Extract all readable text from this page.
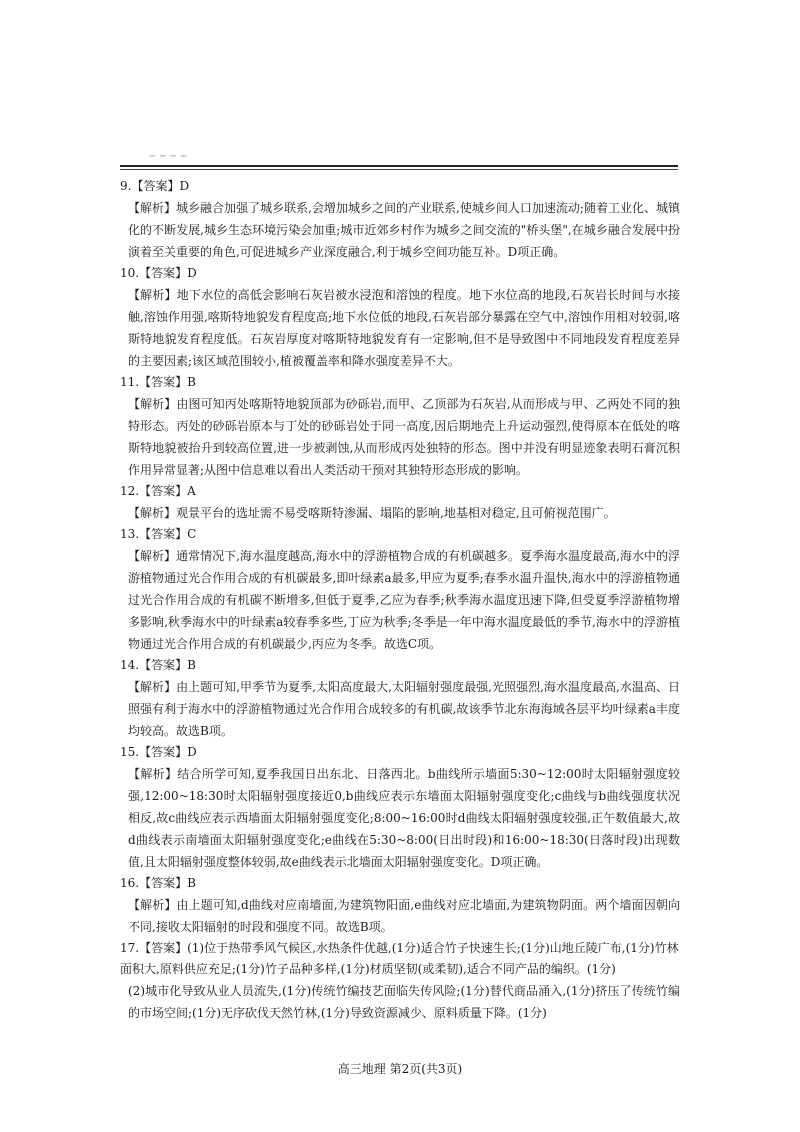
─ ─ ─ ─

9.【答案】D

【解析】城乡融合加强了城乡联系,会增加城乡之间的产业联系,使城乡间人口加速流动;随着工业化、城镇化的不断发展,城乡生态环境污染会加重;城市近郊乡村作为城乡之间交流的"桥头堡",在城乡融合发展中扮演着至关重要的角色,可促进城乡产业深度融合,利于城乡空间功能互补。D项正确。

10.【答案】D

【解析】地下水位的高低会影响石灰岩被水浸泡和溶蚀的程度。地下水位高的地段,石灰岩长时间与水接触,溶蚀作用强,喀斯特地貌发育程度高;地下水位低的地段,石灰岩部分暴露在空气中,溶蚀作用相对较弱,喀斯特地貌发育程度低。石灰岩厚度对喀斯特地貌发育有一定影响,但不是导致图中不同地段发育程度差异的主要因素;该区域范围较小,植被覆盖率和降水强度差异不大。

11.【答案】B

【解析】由图可知丙处喀斯特地貌顶部为砂砾岩,而甲、乙顶部为石灰岩,从而形成与甲、乙两处不同的独特形态。丙处的砂砾岩原本与丁处的砂砾岩处于同一高度,因后期地壳上升运动强烈,使得原本在低处的喀斯特地貌被抬升到较高位置,进一步被剥蚀,从而形成丙处独特的形态。图中并没有明显迹象表明石膏沉积作用异常显著;从图中信息难以看出人类活动干预对其独特形态形成的影响。

12.【答案】A

【解析】观景平台的选址需不易受喀斯特渗漏、塌陷的影响,地基相对稳定,且可俯视范围广。

13.【答案】C

【解析】通常情况下,海水温度越高,海水中的浮游植物合成的有机碳越多。夏季海水温度最高,海水中的浮游植物通过光合作用合成的有机碳最多,即叶绿素a最多,甲应为夏季;春季水温升温快,海水中的浮游植物通过光合作用合成的有机碳不断增多,但低于夏季,乙应为春季;秋季海水温度迅速下降,但受夏季浮游植物增多影响,秋季海水中的叶绿素a较春季多些,丁应为秋季;冬季是一年中海水温度最低的季节,海水中的浮游植物通过光合作用合成的有机碳最少,丙应为冬季。故选C项。

14.【答案】B

【解析】由上题可知,甲季节为夏季,太阳高度最大,太阳辐射强度最强,光照强烈,海水温度最高,水温高、日照强有利于海水中的浮游植物通过光合作用合成较多的有机碳,故该季节北东海海域各层平均叶绿素a丰度均较高。故选B项。

15.【答案】D

【解析】结合所学可知,夏季我国日出东北、日落西北。b曲线所示墙面5:30~12:00时太阳辐射强度较强,12:00~18:30时太阳辐射强度接近0,b曲线应表示东墙面太阳辐射强度变化;c曲线与b曲线强度状况相反,故c曲线应表示西墙面太阳辐射强度变化;8:00~16:00时d曲线太阳辐射强度较强,正午数值最大,故d曲线表示南墙面太阳辐射强度变化;e曲线在5:30~8:00(日出时段)和16:00~18:30(日落时段)出现数值,且太阳辐射强度整体较弱,故e曲线表示北墙面太阳辐射强度变化。D项正确。

16.【答案】B

【解析】由上题可知,d曲线对应南墙面,为建筑物阳面,e曲线对应北墙面,为建筑物阴面。两个墙面因朝向不同,接收太阳辐射的时段和强度不同。故选B项。

17.【答案】(1)位于热带季风气候区,水热条件优越,(1分)适合竹子快速生长;(1分)山地丘陵广布,(1分)竹林面积大,原料供应充足;(1分)竹子品种多样,(1分)材质坚韧(或柔韧),适合不同产品的编织。(1分)

(2)城市化导致从业人员流失,(1分)传统竹编技艺面临失传风险;(1分)替代商品涌入,(1分)挤压了传统竹编的市场空间;(1分)无序砍伐天然竹林,(1分)导致资源减少、原料质量下降。(1分)

高三地理 第2页(共3页)
